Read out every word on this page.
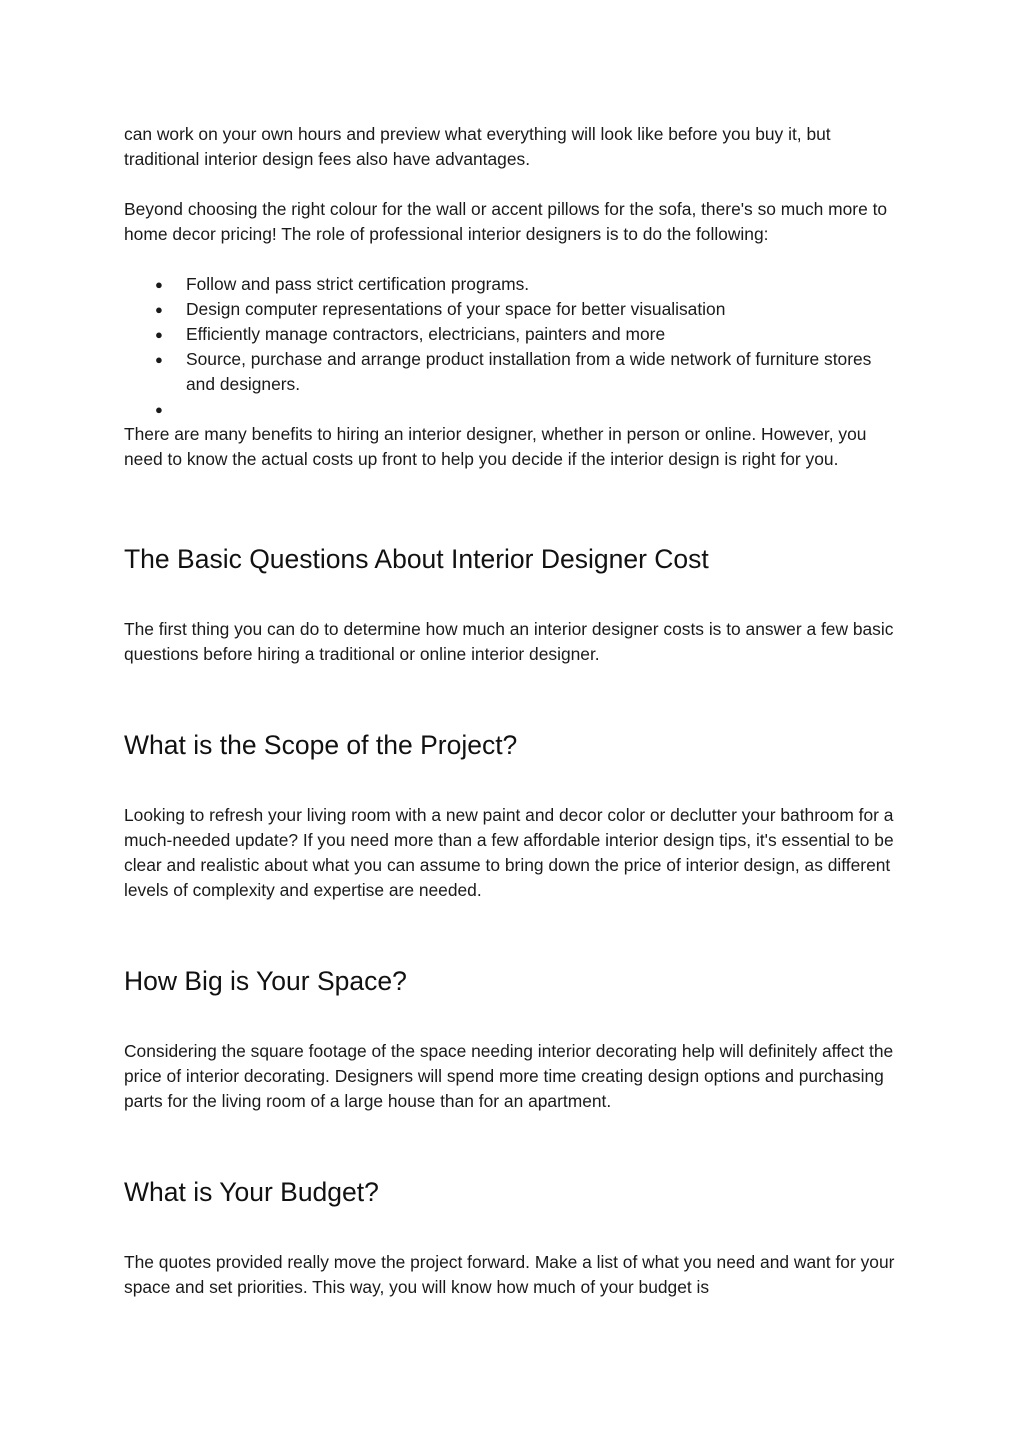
can work on your own hours and preview what everything will look like before you buy it, but traditional interior design fees also have advantages.

Beyond choosing the right colour for the wall or accent pillows for the sofa, there's so much more to home decor pricing! The role of professional interior designers is to do the following:

● Follow and pass strict certification programs.
● Design computer representations of your space for better visualisation
● Efficiently manage contractors, electricians, painters and more
● Source, purchase and arrange product installation from a wide network of furniture stores and designers.
●

There are many benefits to hiring an interior designer, whether in person or online. However, you need to know the actual costs up front to help you decide if the interior design is right for you.

The Basic Questions About Interior Designer Cost

The first thing you can do to determine how much an interior designer costs is to answer a few basic questions before hiring a traditional or online interior designer.

What is the Scope of the Project?

Looking to refresh your living room with a new paint and decor color or declutter your bathroom for a much-needed update? If you need more than a few affordable interior design tips, it's essential to be clear and realistic about what you can assume to bring down the price of interior design, as different levels of complexity and expertise are needed.

How Big is Your Space?

Considering the square footage of the space needing interior decorating help will definitely affect the price of interior decorating. Designers will spend more time creating design options and purchasing parts for the living room of a large house than for an apartment.

What is Your Budget?

The quotes provided really move the project forward. Make a list of what you need and want for your space and set priorities. This way, you will know how much of your budget is
